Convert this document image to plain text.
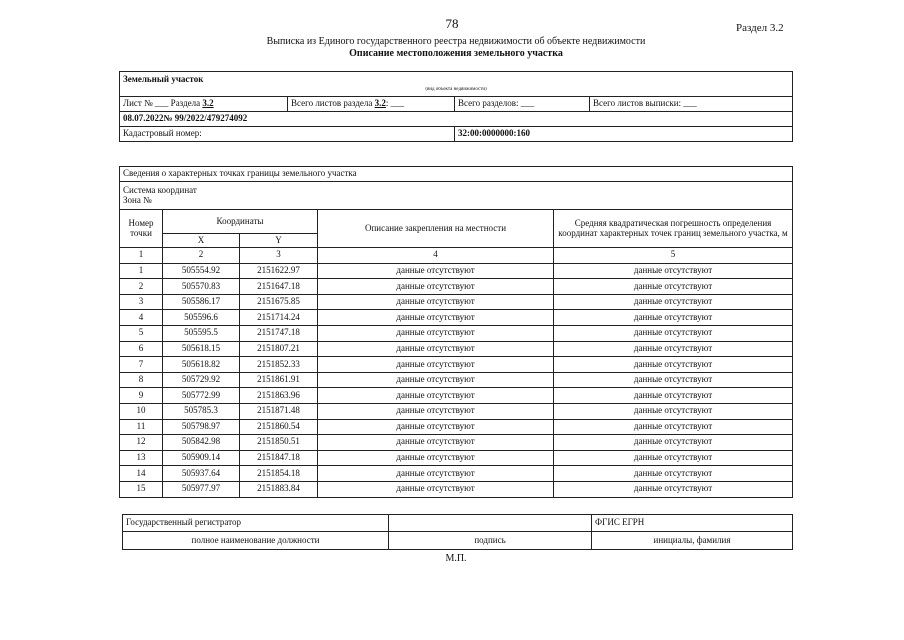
78	Раздел 3.2
Выписка из Единого государственного реестра недвижимости об объекте недвижимости
Описание местоположения земельного участка
Земельный участок			
(вид объекта недвижимости)			
Лист № ___ Раздела 3.2	Всего листов раздела 3.2: ___	Всего разделов: ___	Всего листов выписки: ___
08.07.2022№ 99/2022/479274092			
Кадастровый номер:		32:00:0000000:160	
Сведения о характерных точках границы земельного участка				

Система координат
Зона №				

Номер точки	Координаты		Описание закрепления на местности	Средняя квадратическая погрешность определения координат характерных точек границ земельного участка, м
	X	Y		
1	2	3	4	5
1	505554.92	2151622.97	данные отсутствуют	данные отсутствуют
2	505570.83	2151647.18	данные отсутствуют	данные отсутствуют
3	505586.17	2151675.85	данные отсутствуют	данные отсутствуют
4	505596.6	2151714.24	данные отсутствуют	данные отсутствуют
5	505595.5	2151747.18	данные отсутствуют	данные отсутствуют
6	505618.15	2151807.21	данные отсутствуют	данные отсутствуют
7	505618.82	2151852.33	данные отсутствуют	данные отсутствуют
8	505729.92	2151861.91	данные отсутствуют	данные отсутствуют
9	505772.99	2151863.96	данные отсутствуют	данные отсутствуют
10	505785.3	2151871.48	данные отсутствуют	данные отсутствуют
11	505798.97	2151860.54	данные отсутствуют	данные отсутствуют
12	505842.98	2151850.51	данные отсутствуют	данные отсутствуют
13	505909.14	2151847.18	данные отсутствуют	данные отсутствуют
14	505937.64	2151854.18	данные отсутствуют	данные отсутствуют
15	505977.97	2151883.84	данные отсутствуют	данные отсутствуют
Государственный регистратор		ФГИС ЕГРН
полное наименование должности	подпись	инициалы, фамилия
М.П.
